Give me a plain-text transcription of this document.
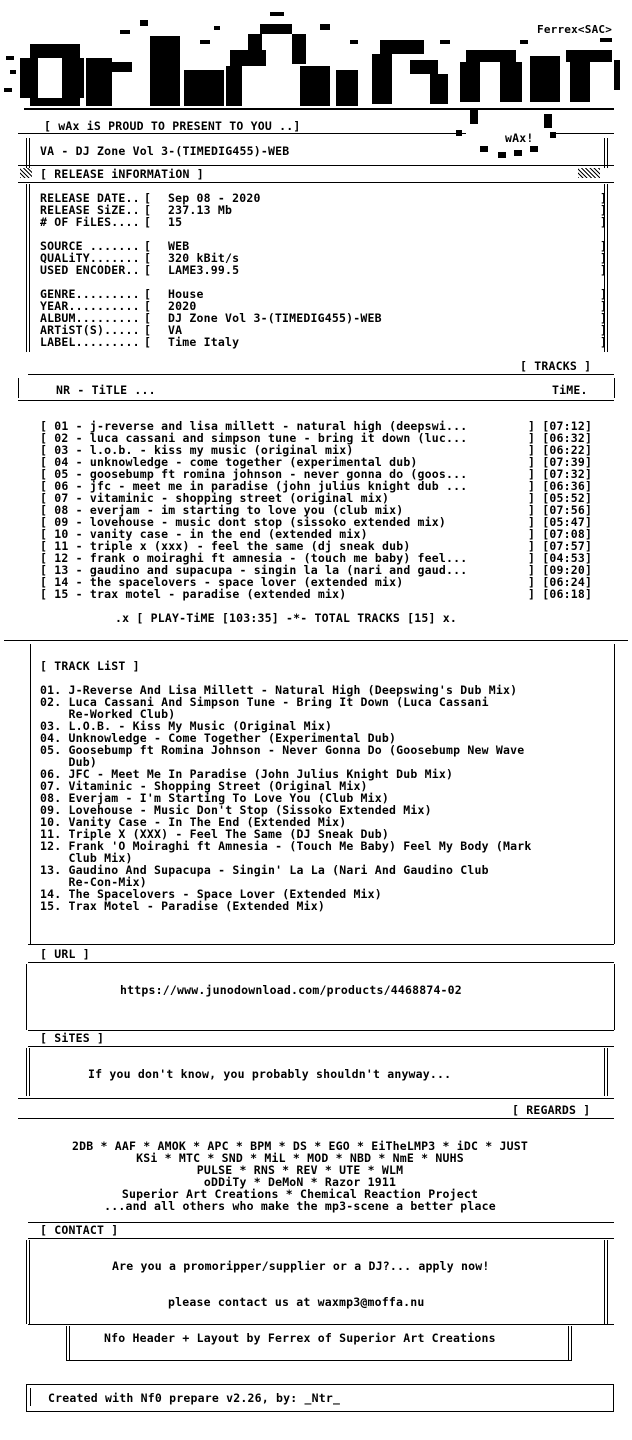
Ferrex<SAC>
[ wAx iS PROUD TO PRESENT TO YOU ..]
wAx!
VA - DJ Zone Vol 3-(TIMEDIG455)-WEB
[ RELEASE iNFORMATiON ]
RELEASE DATE.. [ Sep 08 - 2020	]
RELEASE SiZE.. [ 237.13 Mb	]
# OF FiLES.... [ 15	]
SOURCE ....... [ WEB	]
QUALiTY....... [ 320 kBit/s	]
USED ENCODER.. [ LAME3.99.5	]
GENRE......... [ House	]
YEAR.......... [ 2020	]
ALBUM......... [ DJ Zone Vol 3-(TIMEDIG455)-WEB	]
ARTiST(S)..... [ VA	]
LABEL......... [ Time Italy	]
[ TRACKS ]
NR - TiTLE ...	TiME.
[ 01 - j-reverse and lisa millett - natural high (deepswi...	] [07:12]
[ 02 - luca cassani and simpson tune - bring it down (luc...	] [06:32]
[ 03 - l.o.b. - kiss my music (original mix)	] [06:22]
[ 04 - unknowledge - come together (experimental dub)	] [07:39]
[ 05 - goosebump ft romina johnson - never gonna do (goos...	] [07:32]
[ 06 - jfc - meet me in paradise (john julius knight dub ...	] [06:36]
[ 07 - vitaminic - shopping street (original mix)	] [05:52]
[ 08 - everjam - im starting to love you (club mix)	] [07:56]
[ 09 - lovehouse - music dont stop (sissoko extended mix)	] [05:47]
[ 10 - vanity case - in the end (extended mix)	] [07:08]
[ 11 - triple x (xxx) - feel the same (dj sneak dub)	] [07:57]
[ 12 - frank o moiraghi ft amnesia - (touch me baby) feel...	] [04:53]
[ 13 - gaudino and supacupa - singin la la (nari and gaud...	] [09:20]
[ 14 - the spacelovers - space lover (extended mix)	] [06:24]
[ 15 - trax motel - paradise (extended mix)	] [06:18]
.x [ PLAY-TiME [103:35] -*- TOTAL TRACKS [15] x.
[ TRACK LiST ]
01. J-Reverse And Lisa Millett - Natural High (Deepswing's Dub Mix)
02. Luca Cassani And Simpson Tune - Bring It Down (Luca Cassani
Re-Worked Club)
03. L.O.B. - Kiss My Music (Original Mix)
04. Unknowledge - Come Together (Experimental Dub)
05. Goosebump ft Romina Johnson - Never Gonna Do (Goosebump New Wave
Dub)
06. JFC - Meet Me In Paradise (John Julius Knight Dub Mix)
07. Vitaminic - Shopping Street (Original Mix)
08. Everjam - I'm Starting To Love You (Club Mix)
09. Lovehouse - Music Don't Stop (Sissoko Extended Mix)
10. Vanity Case - In The End (Extended Mix)
11. Triple X (XXX) - Feel The Same (DJ Sneak Dub)
12. Frank 'O Moiraghi ft Amnesia - (Touch Me Baby) Feel My Body (Mark
Club Mix)
13. Gaudino And Supacupa - Singin' La La (Nari And Gaudino Club
Re-Con-Mix)
14. The Spacelovers - Space Lover (Extended Mix)
15. Trax Motel - Paradise (Extended Mix)
[ URL ]
https://www.junodownload.com/products/4468874-02
[ SiTES ]
If you don't know, you probably shouldn't anyway...
[ REGARDS ]
2DB * AAF * AMOK * APC * BPM * DS * EGO * EiTheLMP3 * iDC * JUST
KSi * MTC * SND * MiL * MOD * NBD * NmE * NUHS
PULSE * RNS * REV * UTE * WLM
oDDiTy * DeMoN * Razor 1911
Superior Art Creations * Chemical Reaction Project
...and all others who make the mp3-scene a better place
[ CONTACT ]
Are you a promoripper/supplier or a DJ?... apply now!
please contact us at waxmp3@moffa.nu
Nfo Header + Layout by Ferrex of Superior Art Creations
Created with Nf0 prepare v2.26, by: _Ntr_
